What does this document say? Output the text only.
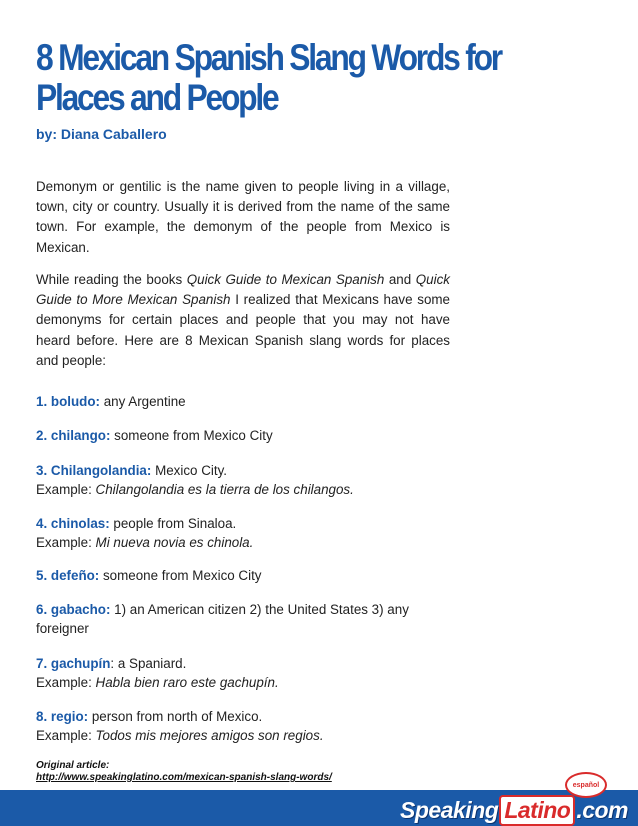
8 Mexican Spanish Slang Words for Places and People
by: Diana Caballero

Demonym or gentilic is the name given to people living in a village, town, city or country. Usually it is derived from the name of the same town. For example, the demonym of the people from Mexico is Mexican.

While reading the books Quick Guide to Mexican Spanish and Quick Guide to More Mexican Spanish I realized that Mexicans have some demonyms for certain places and people that you may not have heard before. Here are 8 Mexican Spanish slang words for places and people:

1. boludo: any Argentine
2. chilango: someone from Mexico City
3. Chilangolandia: Mexico City.
Example: Chilangolandia es la tierra de los chilangos.
4. chinolas: people from Sinaloa.
Example: Mi nueva novia es chinola.
5. defeño: someone from Mexico City
6. gabacho: 1) an American citizen 2) the United States 3) any foreigner
7. gachupín: a Spaniard.
Example: Habla bien raro este gachupín.
8. regio: person from north of Mexico.
Example: Todos mis mejores amigos son regios.
Original article:
http://www.speakinglatino.com/mexican-spanish-slang-words/
español
Speaking Latino .com
